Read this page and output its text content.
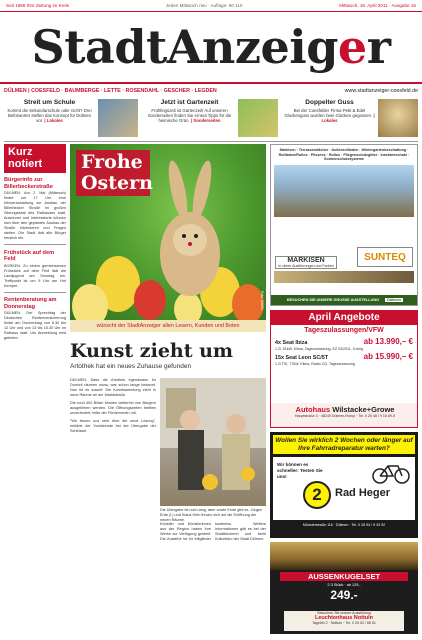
Seit 1985 Ihre Zeitung im Kreis	Jeden Mittwoch neu · Auflage: 60 110	Mittwoch, 16. April 2011 · Ausgabe 15
StadtAnzeiger
DÜLMEN | COESFELD · BAUMBERGE · LETTE · ROSENDAHL · GESCHER · LEGDEN	www.stadtanzeiger-coesfeld.de
Streit um Schule
Kommt die Sekundarschule oder nicht? Drei Befürworter stellen das Konzept für Dülmen vor. | Lokales
Jetzt ist Gartenzeit
Frühlingszeit ist Gartenzeit! Auf unseren Sonderseiten finden Sie erneut Tipps für die heimische Grün. | Sonderseiten
Doppelter Guss
Bei der Coesfelder Firma Petit & Edel Glockenguss wurden zwei Glocken gegossen. | Lokales
Kurz notiert
Bürgerinfo zur Billerbeckerstraße
DÜLMEN. Am 2. Mai (Mittwoch) findet um 17 Uhr eine Infoveranstaltung zur Ausbau der Billerbecker Straße im großen Sitzungssaal des Rathauses statt. Anwohner und Interessierte können sich über den geplanten Ausbau der Straße informieren und Fragen stellen. Die Stadt lädt alle Bürger herzlich ein.
Frühstück auf dem Feld
BORKEN. Zu einem gemeinsamen Frühstück auf dem Feld lädt die Landjugend am Sonntag ein. Treffpunkt ist um 9 Uhr am Hof Kemper.
Rentenberatung am Donnerstag
DÜLMEN. Der Sprechtag der Deutschen Rentenversicherung findet am Donnerstag von 8.30 bis 12 Uhr und von 13 bis 15.30 Uhr im Rathaus statt. Um Anmeldung wird gebeten.
Frohe Ostern
Foto: pixelio
wünscht der StadtAnzeiger allen Lesern, Kunden und Boten
Kunst zieht um
Artothek hat ein neues Zuhause gefunden

DÜLMEN. Dass die Artothek irgendwann ihr Domizil räumen muss, war schon lange bekannt. Nun ist es soweit: Die Kunstsammlung zieht in neue Räume an der Marktstraße.

Die rund 400 Bilder können weiterhin von Bürgern ausgeliehen werden. Die Öffnungszeiten bleiben unverändert, teilte der Förderverein mit.

"Wir freuen uns sehr über die neue Lösung", erklärte der Vorsitzende bei der Übergabe der Schlüssel.

Die Übergabe ist noch lang, aber sowie Ende gibt es. Jürgen Erde (l.) und Klaus Hein freuen sich auf die Eröffnung der neuen Räume.
Künstler und Künstlerinnen aus der Region haben ihre Werke zur Verfügung gestellt. Die Ausleihe ist für Mitglieder kostenlos. Weitere Informationen gibt es bei der Stadtbücherei und beim Kulturbüro der Stadt Dülmen.
Markisen · Terrassendächer · Außenrollladen · Wintergartenbeschattung · Rollladen/Rollos · Plissees · Rollos · Fliegenschutzgitter · Insektenschutz · Sonnenschutzsysteme
MARKISEN
in vielen Ausführungen und Farben
SUNTEQ
BESUCHEN SIE UNSERE GROSSE AUSSTELLUNG	Dülmen
April Angebote
Tageszulassungen/VFW
4x Seat Ibiza	ab 13.990,– €
1.2l, 51kW, Klima, Tageszulassung, EZ 03/2011, 5-türig
15x Seat Leon SC/5T	ab 15.990,– €
1.2l TSI, 77kW, Klima, Radio-CD, Tageszulassung
Autohaus Wilstacke+Growe
Hauptstraße 3 · 48249 Dülmen-Rorup · Tel. 0 25 48 / 9 16 89-0
Wollen Sie wirklich 2 Wochen oder länger auf Ihre Fahrradreparatur warten?
Wir können es schneller: Testen Sie uns!
2	Rad Heger
Münsterstraße 116 · Dülmen · Tel. 0 25 94 / 9 33 92
AUSSENKUGELSET
2-3 Stück · ab 129,-
249.-
Besuchen Sie unsere Ausstellung
Leuchtenhaus Nottuln
Tagelöh 2 · Nottuln · Tel. 0 25 02 / 88 51
